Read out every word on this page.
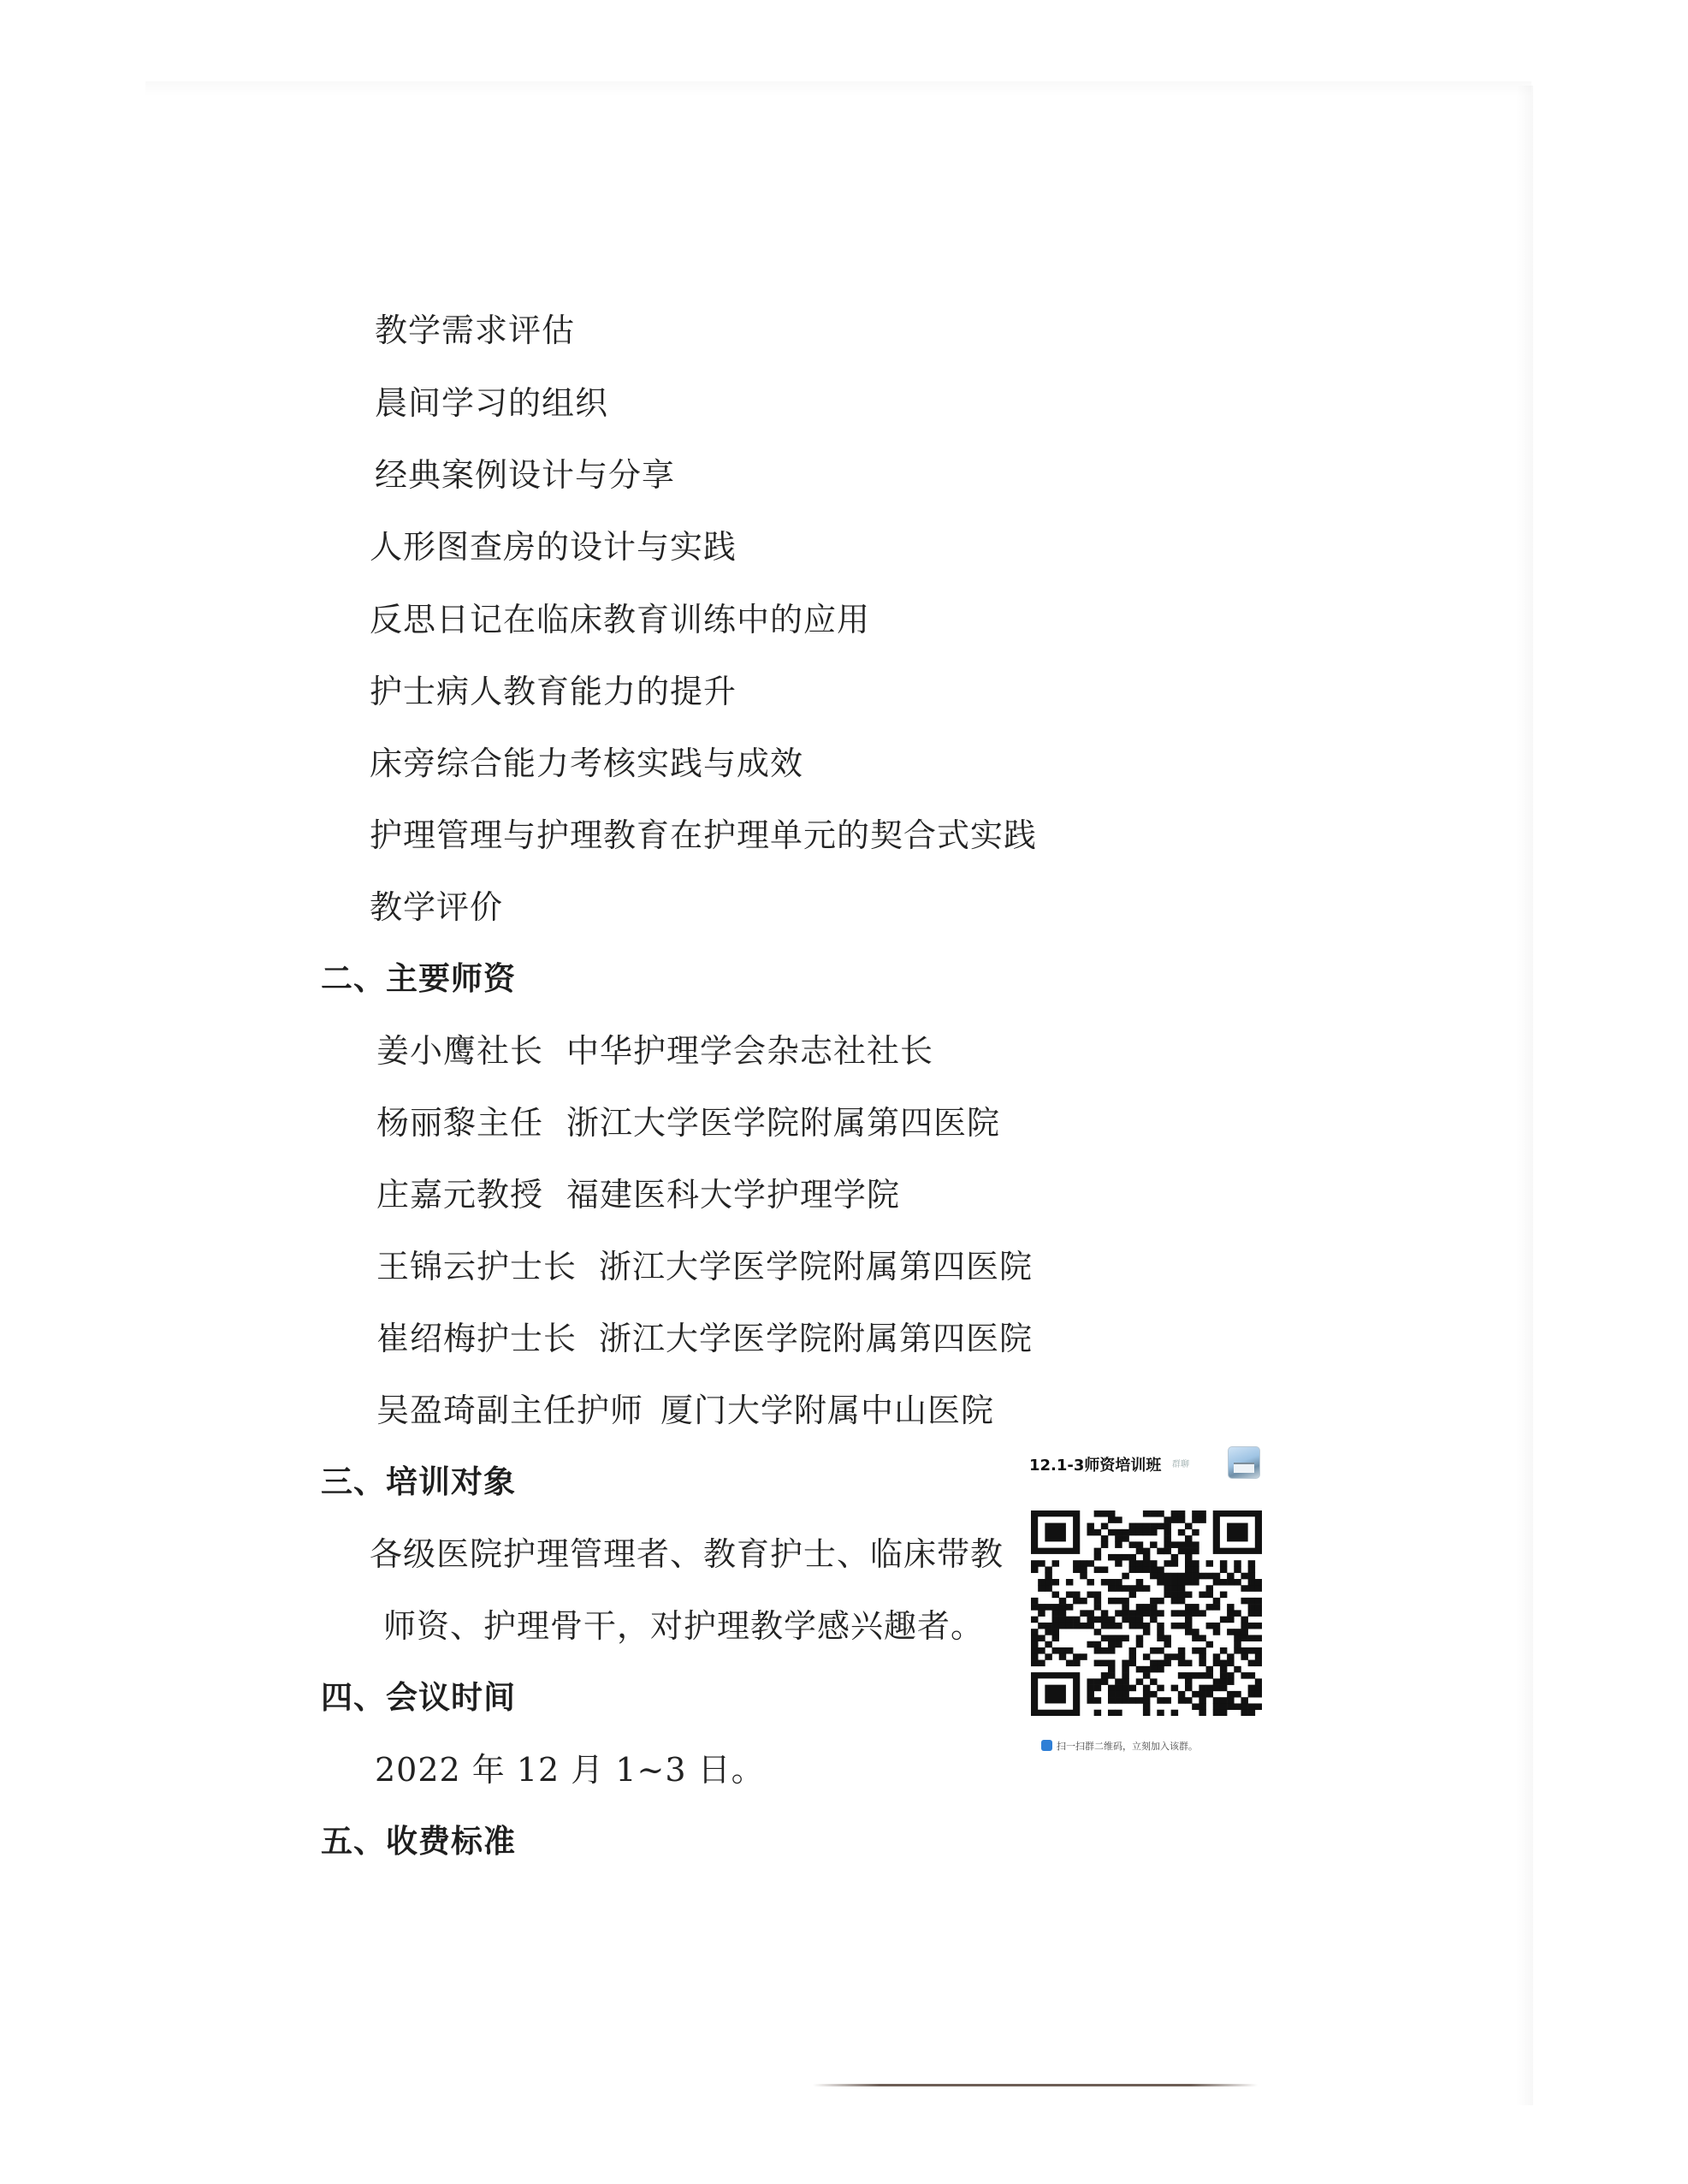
教学需求评估
晨间学习的组织
经典案例设计与分享
人形图查房的设计与实践
反思日记在临床教育训练中的应用
护士病人教育能力的提升
床旁综合能力考核实践与成效
护理管理与护理教育在护理单元的契合式实践
教学评价
二、主要师资
姜小鹰社长 中华护理学会杂志社社长
杨丽黎主任 浙江大学医学院附属第四医院
庄嘉元教授 福建医科大学护理学院
王锦云护士长 浙江大学医学院附属第四医院
崔绍梅护士长 浙江大学医学院附属第四医院
吴盈琦副主任护师 厦门大学附属中山医院
三、培训对象
各级医院护理管理者、教育护士、临床带教
师资、护理骨干，对护理教学感兴趣者。
四、会议时间
2022 年 12 月 1~3 日。
五、收费标准
12.1-3师资培训班 群聊
扫一扫群二维码，立刻加入该群。
